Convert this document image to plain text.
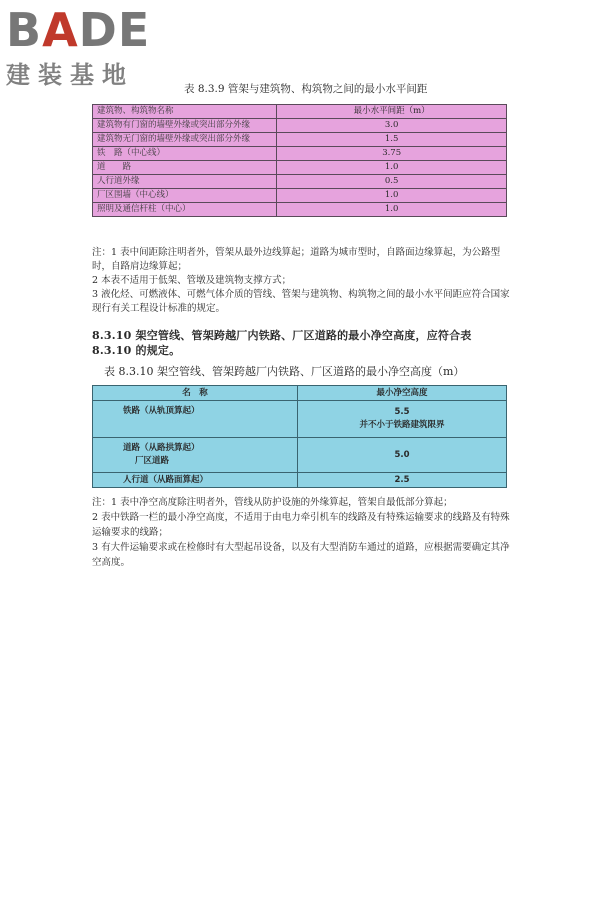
BADE
建装基地	表 8.3.9 管架与建筑物、构筑物之间的最小水平间距
建筑物、构筑物名称	最小水平间距（m）
建筑物有门窗的墙壁外缘或突出部分外缘	3.0
建筑物无门窗的墙壁外缘或突出部分外缘	1.5
铁　路（中心线）	3.75
道　　路	1.0
人行道外缘	0.5
厂区围墙（中心线）	1.0
照明及通信杆柱（中心）	1.0

注：1 表中间距除注明者外，管架从最外边线算起；道路为城市型时，自路面边缘算起，为公路型时，自路肩边缘算起；

2 本表不适用于低架、管墩及建筑物支撑方式；

3 液化烃、可燃液体、可燃气体介质的管线、管架与建筑物、构筑物之间的最小水平间距应符合国家现行有关工程设计标准的规定。

8.3.10 架空管线、管架跨越厂内铁路、厂区道路的最小净空高度，应符合表 8.3.10 的规定。
表 8.3.10 架空管线、管架跨越厂内铁路、厂区道路的最小净空高度（m）
名　称	最小净空高度
铁路（从轨顶算起）	5.5
并不小于铁路建筑限界

道路（从路拱算起）
厂区道路	5.0
人行道（从路面算起）	2.5

注：1 表中净空高度除注明者外，管线从防护设施的外缘算起，管架自最低部分算起；

2 表中铁路一栏的最小净空高度，不适用于由电力牵引机车的线路及有特殊运输要求的线路及有特殊运输要求的线路；

3 有大件运输要求或在检修时有大型起吊设备，以及有大型消防车通过的道路，应根据需要确定其净空高度。
